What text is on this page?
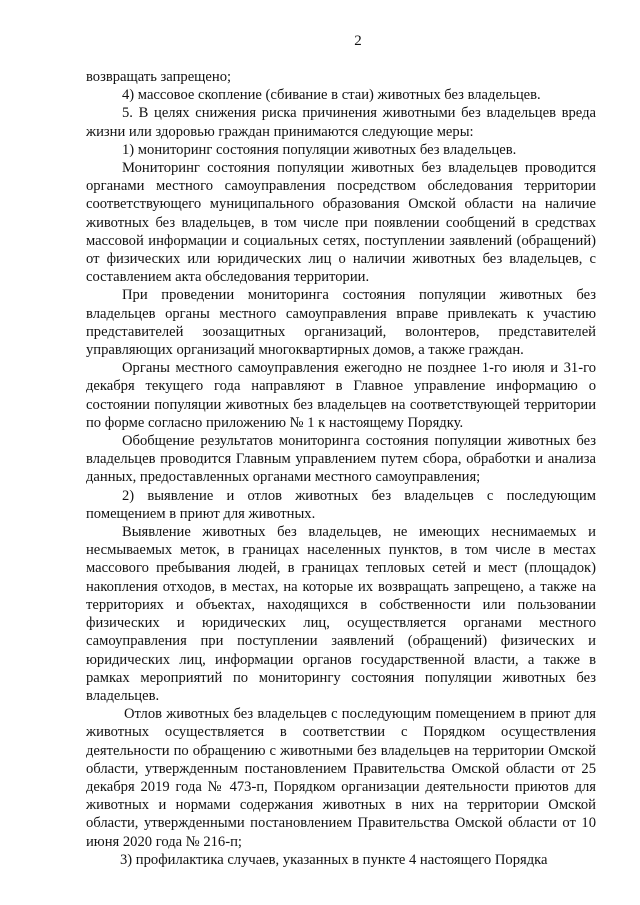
2

возвращать запрещено;

4) массовое скопление (сбивание в стаи) животных без владельцев.

5. В целях снижения риска причинения животными без владельцев вреда жизни или здоровью граждан принимаются следующие меры:

1) мониторинг состояния популяции животных без владельцев.

Мониторинг состояния популяции животных без владельцев проводится органами местного самоуправления посредством обследования территории соответствующего муниципального образования Омской области на наличие животных без владельцев, в том числе при появлении сообщений в средствах массовой информации и социальных сетях, поступлении заявлений (обращений) от физических или юридических лиц о наличии животных без владельцев, с составлением акта обследования территории.

При проведении мониторинга состояния популяции животных без владельцев органы местного самоуправления вправе привлекать к участию представителей зоозащитных организаций, волонтеров, представителей управляющих организаций многоквартирных домов, а также граждан.

Органы местного самоуправления ежегодно не позднее 1-го июля и 31-го декабря текущего года направляют в Главное управление информацию о состоянии популяции животных без владельцев на соответствующей территории по форме согласно приложению № 1 к настоящему Порядку.

Обобщение результатов мониторинга состояния популяции животных без владельцев проводится Главным управлением путем сбора, обработки и анализа данных, предоставленных органами местного самоуправления;

2) выявление и отлов животных без владельцев с последующим помещением в приют для животных.

Выявление животных без владельцев, не имеющих неснимаемых и несмываемых меток, в границах населенных пунктов, в том числе в местах массового пребывания людей, в границах тепловых сетей и мест (площадок) накопления отходов, в местах, на которые их возвращать запрещено, а также на территориях и объектах, находящихся в собственности или пользовании физических и юридических лиц, осуществляется органами местного самоуправления при поступлении заявлений (обращений) физических и юридических лиц, информации органов государственной власти, а также в рамках мероприятий по мониторингу состояния популяции животных без владельцев.

Отлов животных без владельцев с последующим помещением в приют для животных осуществляется в соответствии с Порядком осуществления деятельности по обращению с животными без владельцев на территории Омской области, утвержденным постановлением Правительства Омской области от 25 декабря 2019 года № 473-п, Порядком организации деятельности приютов для животных и нормами содержания животных в них на территории Омской области, утвержденными постановлением Правительства Омской области от 10 июня 2020 года № 216-п;

3) профилактика случаев, указанных в пункте 4 настоящего Порядка
